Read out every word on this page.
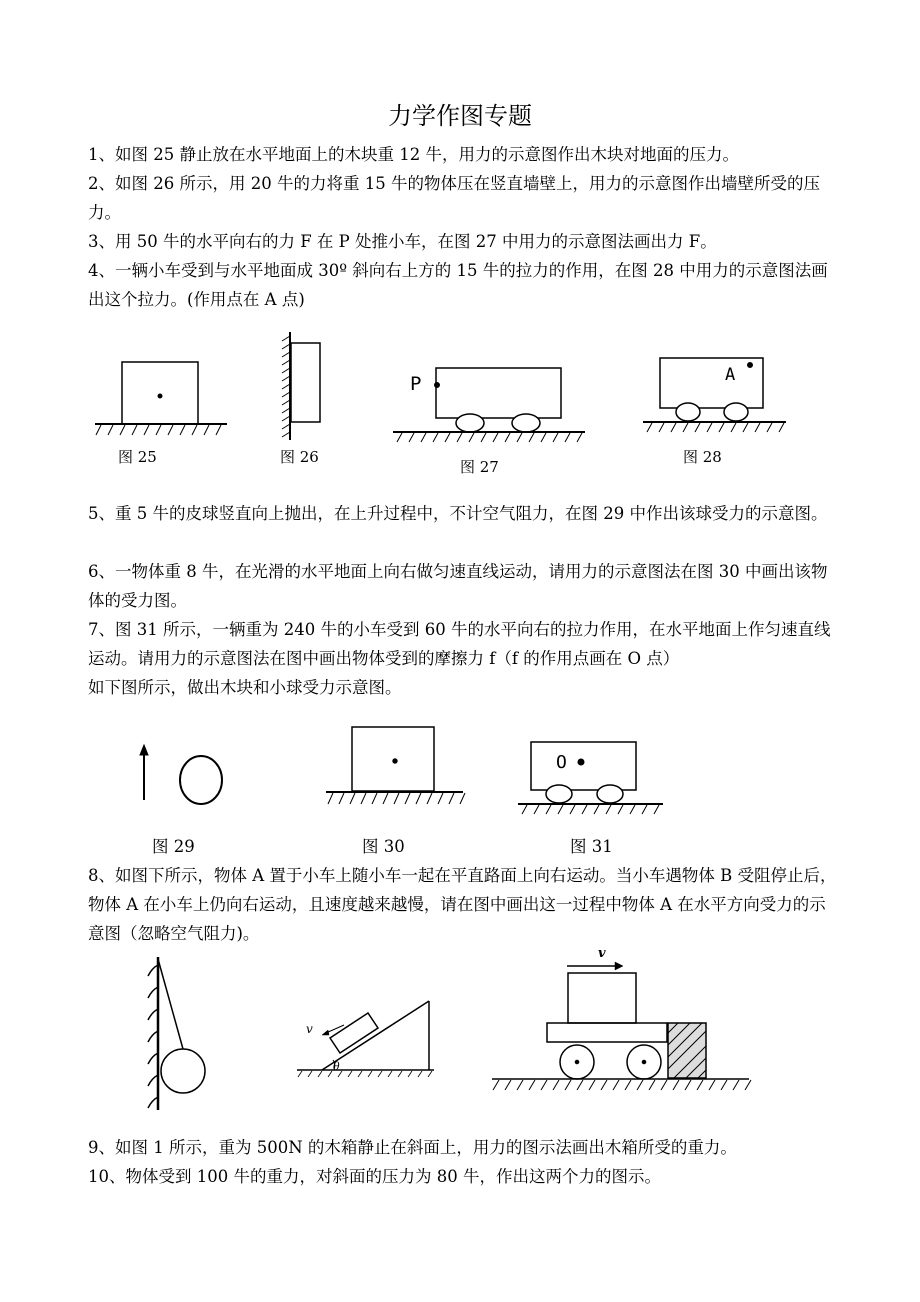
力学作图专题

1、如图 25 静止放在水平地面上的木块重 12 牛，用力的示意图作出木块对地面的压力。

2、如图 26 所示，用 20 牛的力将重 15 牛的物体压在竖直墙壁上，用力的示意图作出墙壁所受的压力。

3、用 50 牛的水平向右的力 F 在 P 处推小车，在图 27 中用力的示意图法画出力 F。

4、一辆小车受到与水平地面成 30º 斜向右上方的 15 牛的拉力的作用，在图 28 中用力的示意图法画出这个拉力。(作用点在 A 点)

图 25	图 26
P
图 27
A
图 28

5、重 5 牛的皮球竖直向上抛出，在上升过程中，不计空气阻力，在图 29 中作出该球受力的示意图。

6、一物体重 8 牛，在光滑的水平地面上向右做匀速直线运动，请用力的示意图法在图 30 中画出该物体的受力图。

7、图 31 所示，一辆重为 240 牛的小车受到 60 牛的水平向右的拉力作用，在水平地面上作匀速直线运动。请用力的示意图法在图中画出物体受到的摩擦力 f（f 的作用点画在 O 点）

如下图所示，做出木块和小球受力示意图。

图 29	图 30
O
图 31

8、如图下所示，物体 A 置于小车上随小车一起在平直路面上向右运动。当小车遇物体 B 受阻停止后，物体 A 在小车上仍向右运动，且速度越来越慢，请在图中画出这一过程中物体 A 在水平方向受力的示意图（忽略空气阻力)。

v
θ
v

9、如图 1 所示，重为 500N 的木箱静止在斜面上，用力的图示法画出木箱所受的重力。

10、物体受到 100 牛的重力，对斜面的压力为 80 牛，作出这两个力的图示。
